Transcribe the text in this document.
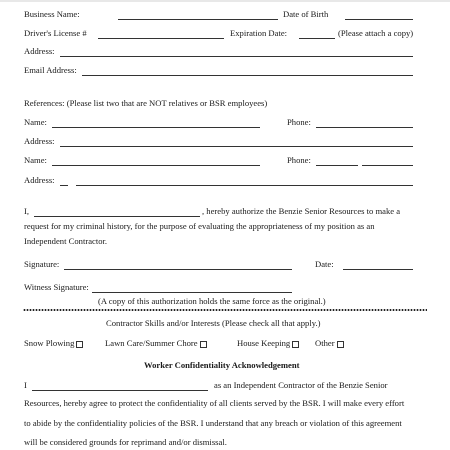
Business Name:	Date of Birth
Driver's License #	Expiration Date:	(Please attach a copy)
Address:
Email Address:
References: (Please list two that are NOT relatives or BSR employees)
Name:	Phone:
Address:
Name:	Phone:
Address:
I,	, hereby authorize the Benzie Senior Resources to make a
request for my criminal history, for the purpose of evaluating the appropriateness of my position as an
Independent Contractor.
Signature:	Date:
Witness Signature:
(A copy of this authorization holds the same force as the original.)
Contractor Skills and/or Interests (Please check all that apply.)
Snow Plowing	Lawn Care/Summer Chore	House Keeping	Other
Worker Confidentiality Acknowledgement
I	as an Independent Contractor of the Benzie Senior
Resources, hereby agree to protect the confidentiality of all clients served by the BSR. I will make every effort
to abide by the confidentiality policies of the BSR. I understand that any breach or violation of this agreement
will be considered grounds for reprimand and/or dismissal.
